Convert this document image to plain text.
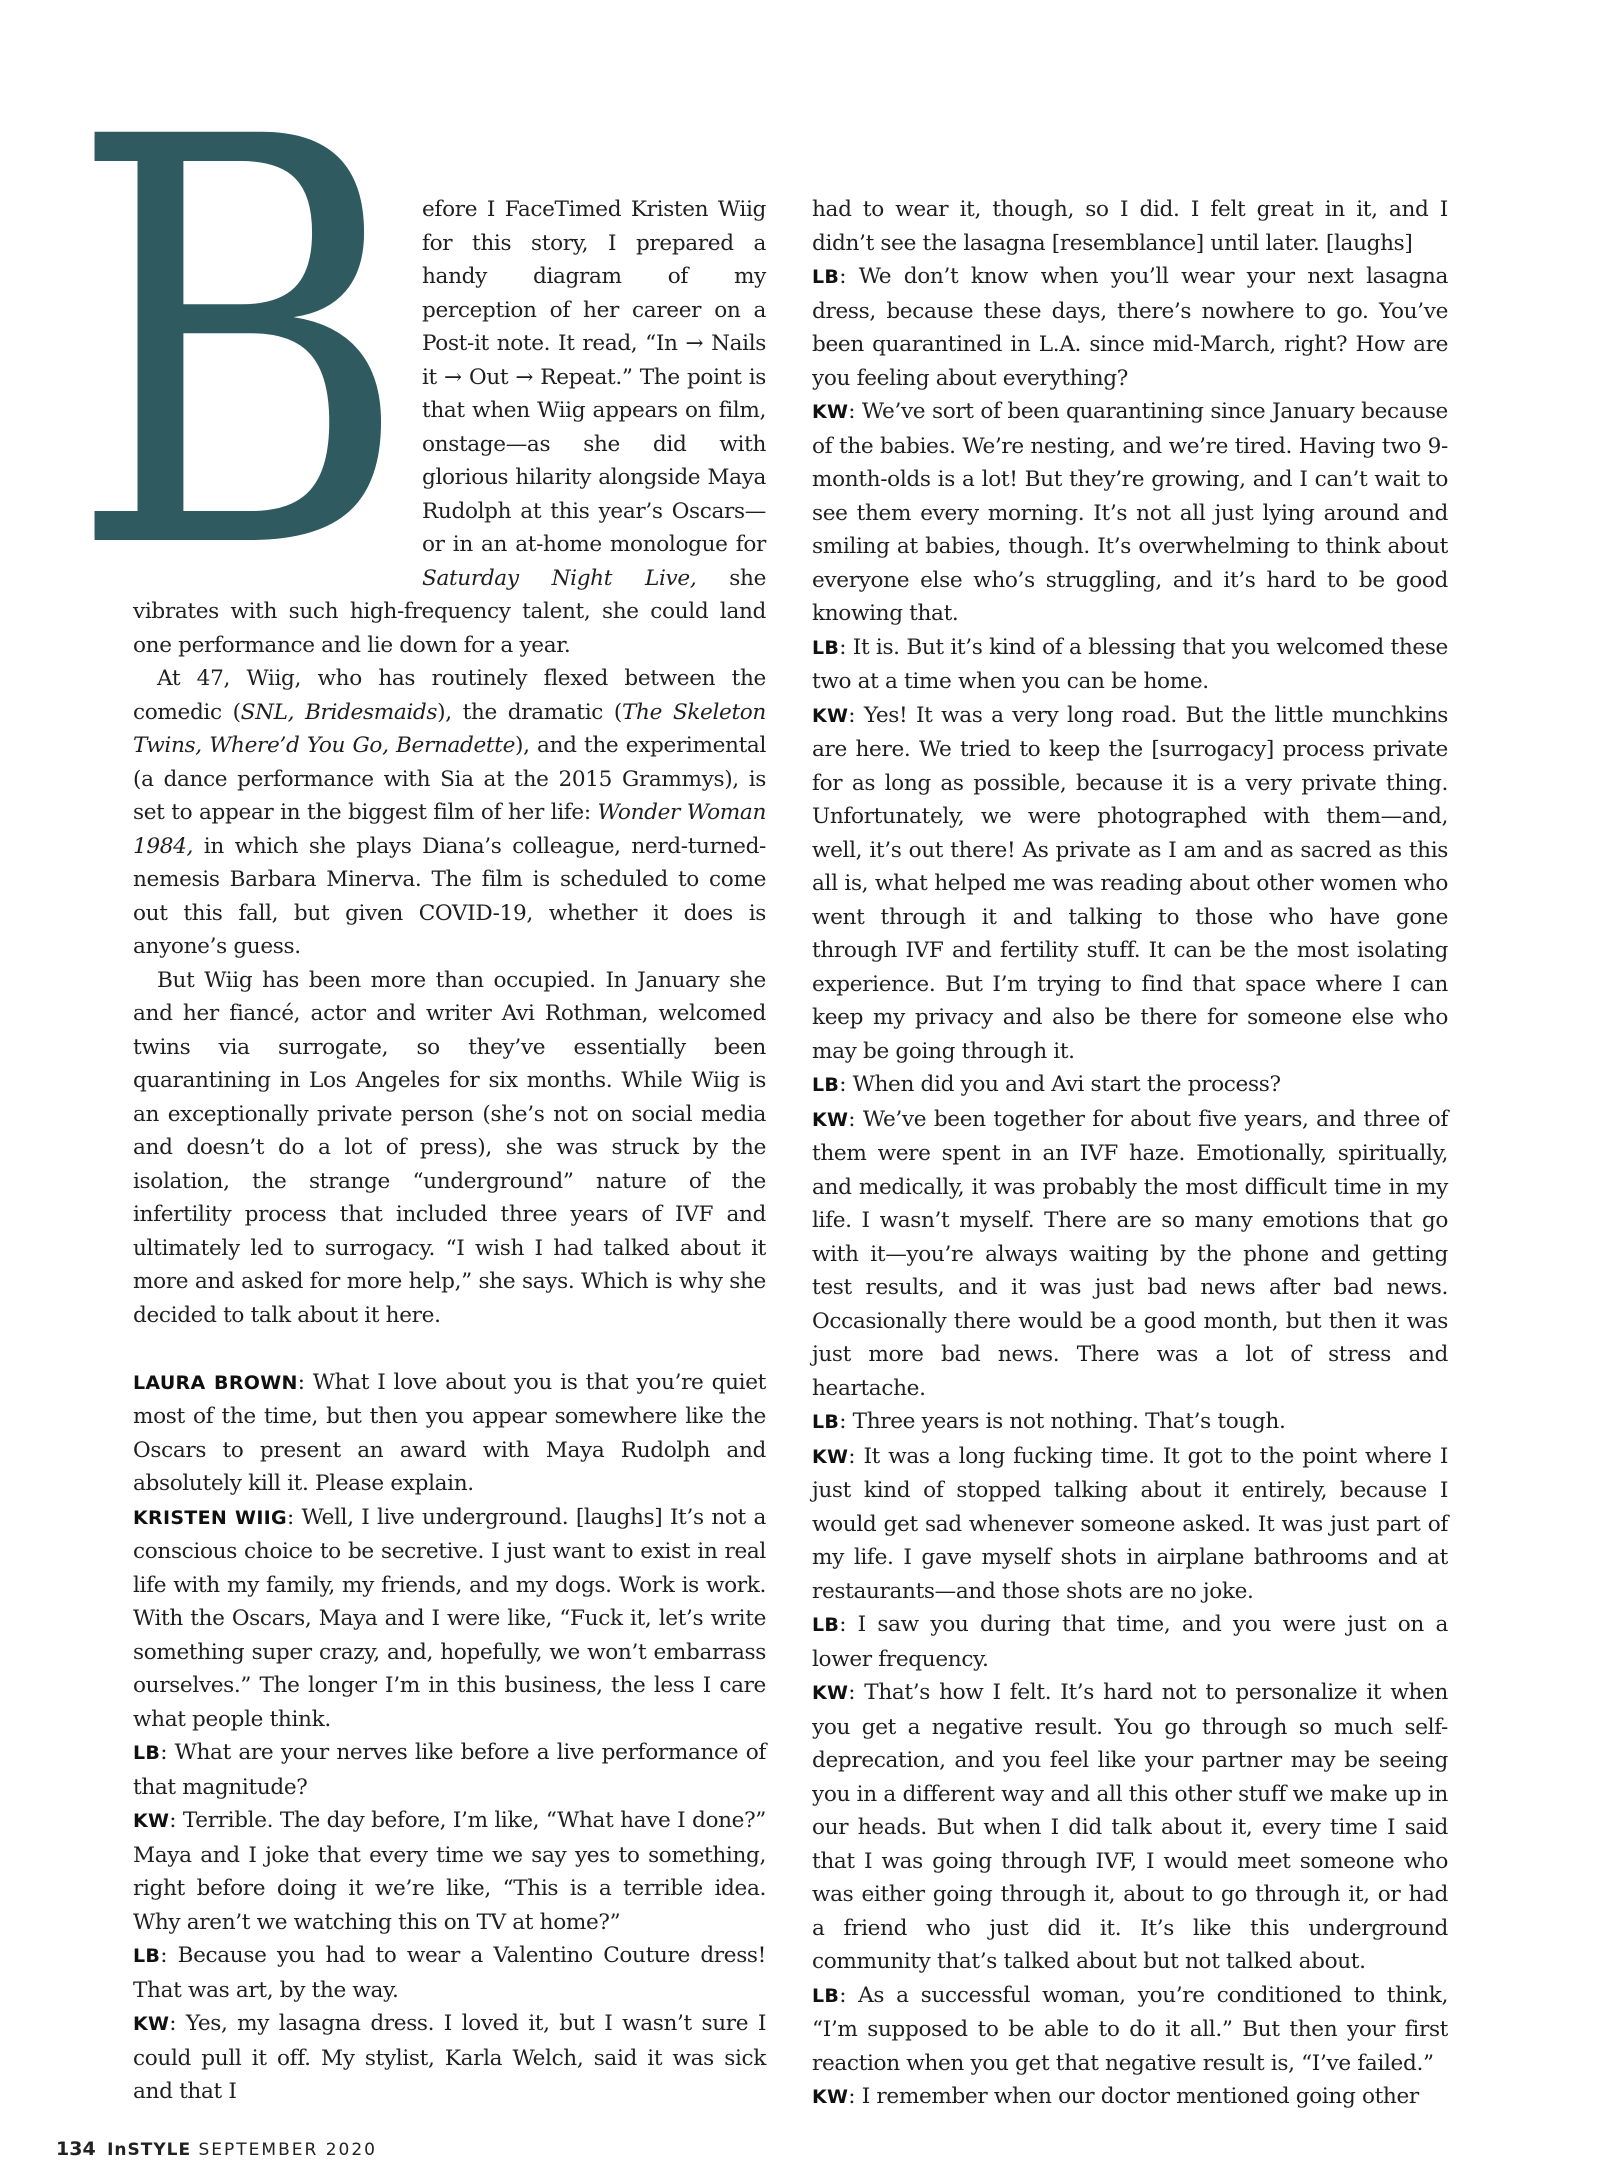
B efore I FaceTimed Kristen Wiig for this story, I prepared a handy diagram of my perception of her career on a Post-it note. It read, “In → Nails it → Out → Repeat.” The point is that when Wiig appears on film, onstage—as she did with glorious hilarity alongside Maya Rudolph at this year’s Oscars—or in an at-home monologue for Saturday Night Live, she vibrates with such high-frequency talent, she could land one performance and lie down for a year.

At 47, Wiig, who has routinely flexed between the comedic (SNL, Bridesmaids), the dramatic (The Skeleton Twins, Where’d You Go, Bernadette), and the experimental (a dance performance with Sia at the 2015 Grammys), is set to appear in the biggest film of her life: Wonder Woman 1984, in which she plays Diana’s colleague, nerd-turned-nemesis Barbara Minerva. The film is scheduled to come out this fall, but given COVID-19, whether it does is anyone’s guess.

But Wiig has been more than occupied. In January she and her fiancé, actor and writer Avi Rothman, welcomed twins via surrogate, so they’ve essentially been quarantining in Los Angeles for six months. While Wiig is an exceptionally private person (she’s not on social media and doesn’t do a lot of press), she was struck by the isolation, the strange “underground” nature of the infertility process that included three years of IVF and ultimately led to surrogacy. “I wish I had talked about it more and asked for more help,” she says. Which is why she decided to talk about it here.

LAURA BROWN: What I love about you is that you’re quiet most of the time, but then you appear somewhere like the Oscars to present an award with Maya Rudolph and absolutely kill it. Please explain.

KRISTEN WIIG: Well, I live underground. [laughs] It’s not a conscious choice to be secretive. I just want to exist in real life with my family, my friends, and my dogs. Work is work. With the Oscars, Maya and I were like, “Fuck it, let’s write something super crazy, and, hopefully, we won’t embarrass ourselves.” The longer I’m in this business, the less I care what people think.

LB: What are your nerves like before a live performance of that magnitude?

KW: Terrible. The day before, I’m like, “What have I done?” Maya and I joke that every time we say yes to something, right before doing it we’re like, “This is a terrible idea. Why aren’t we watching this on TV at home?”

LB: Because you had to wear a Valentino Couture dress! That was art, by the way.

KW: Yes, my lasagna dress. I loved it, but I wasn’t sure I could pull it off. My stylist, Karla Welch, said it was sick and that I

had to wear it, though, so I did. I felt great in it, and I didn’t see the lasagna [resemblance] until later. [laughs]

LB: We don’t know when you’ll wear your next lasagna dress, because these days, there’s nowhere to go. You’ve been quarantined in L.A. since mid-March, right? How are you feeling about everything?

KW: We’ve sort of been quarantining since January because of the babies. We’re nesting, and we’re tired. Having two 9-month-olds is a lot! But they’re growing, and I can’t wait to see them every morning. It’s not all just lying around and smiling at babies, though. It’s overwhelming to think about everyone else who’s struggling, and it’s hard to be good knowing that.

LB: It is. But it’s kind of a blessing that you welcomed these two at a time when you can be home.

KW: Yes! It was a very long road. But the little munchkins are here. We tried to keep the [surrogacy] process private for as long as possible, because it is a very private thing. Unfortunately, we were photographed with them—and, well, it’s out there! As private as I am and as sacred as this all is, what helped me was reading about other women who went through it and talking to those who have gone through IVF and fertility stuff. It can be the most isolating experience. But I’m trying to find that space where I can keep my privacy and also be there for someone else who may be going through it.

LB: When did you and Avi start the process?

KW: We’ve been together for about five years, and three of them were spent in an IVF haze. Emotionally, spiritually, and medically, it was probably the most difficult time in my life. I wasn’t myself. There are so many emotions that go with it—you’re always waiting by the phone and getting test results, and it was just bad news after bad news. Occasionally there would be a good month, but then it was just more bad news. There was a lot of stress and heartache.

LB: Three years is not nothing. That’s tough.

KW: It was a long fucking time. It got to the point where I just kind of stopped talking about it entirely, because I would get sad whenever someone asked. It was just part of my life. I gave myself shots in airplane bathrooms and at restaurants—and those shots are no joke.

LB: I saw you during that time, and you were just on a lower frequency.

KW: That’s how I felt. It’s hard not to personalize it when you get a negative result. You go through so much self-deprecation, and you feel like your partner may be seeing you in a different way and all this other stuff we make up in our heads. But when I did talk about it, every time I said that I was going through IVF, I would meet someone who was either going through it, about to go through it, or had a friend who just did it. It’s like this underground community that’s talked about but not talked about.

LB: As a successful woman, you’re conditioned to think, “I’m supposed to be able to do it all.” But then your first reaction when you get that negative result is, “I’ve failed.”

KW: I remember when our doctor mentioned going other

134 InSTYLE SEPTEMBER 2020
